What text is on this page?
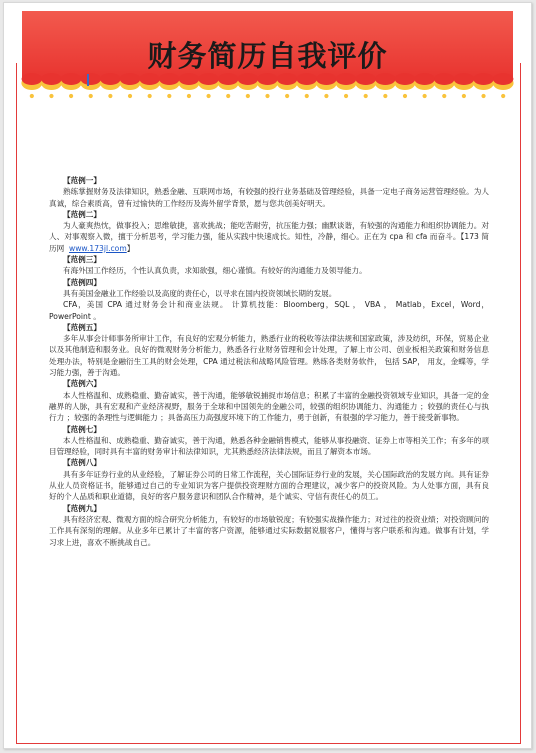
财务简历自我评价

【范例一】

熟练掌握财务及法律知识，熟悉金融、互联网市场，有较强的投行业务基础及管理经验，具备一定电子商务运营管理经验。为人真诚，综合素质高，曾有过愉快的工作经历及海外留学背景，愿与您共创美好明天。

【范例二】

为人豪爽热忱，做事投入；思维敏捷，喜欢挑战；能吃苦耐劳，抗压能力强；幽默谈谐，有较强的沟通能力和组织协调能力。对人、对事观察入微，擅于分析思考，学习能力强，能从实践中快速成长。知性，冷静，细心。正在为 cpa 和 cfa 而奋斗。【173 简历网 www.173jl.com】

【范例三】

有海外国工作经历，个性认真负责，求知欲强，细心谨慎。有较好的沟通能力及领导能力。

【范例四】

具有美国金融业工作经验以及高度的责任心，以寻求在国内投资领域长期的发展。

CFA，美国 CPA 通过财务会计和商业法规。 计算机技能：Bloomberg，SQL ， VBA ， Matlab，Excel，Word， PowerPoint 。

【范例五】

多年从事会计师事务所审计工作，有良好的宏观分析能力，熟悉行业的税收等法律法规和国家政策，涉及纺织，环保，贸易企业以及其他制造和服务业。良好的微观财务分析能力，熟悉各行业财务管理和会计处理，了解上市公司、创业板相关政策和财务信息处理办法，特别是金融衍生工具的财会处理，CPA 通过税法和战略风险管理。熟练各类财务软件， 包括 SAP， 用友，金蝶等，学习能力强，善于沟通。

【范例六】

本人性格温和、成熟稳重、勤奋诚实，善于沟通，能够敏锐捕捉市场信息；积累了丰富的金融投资领域专业知识，具备一定的金融界的人脉，具有宏观和产业经济视野，服务于全球和中国领先的金融公司，较强的组织协调能力、沟通能力 ；较强的责任心与执行力 ；较强的条理性与逻辑能力 ；具备高压力高强度环境下的工作能力，勇于创新，有很强的学习能力，善于接受新事物。

【范例七】

本人性格温和、成熟稳重、勤奋诚实，善于沟通，熟悉各种金融销售模式，能够从事投融资、证券上市等相关工作；有多年的项目管理经验，同时具有丰富的财务审计和法律知识，尤其熟悉经济法律法规，而且了解资本市场。

【范例八】

具有多年证券行业的从业经验，了解证券公司的日常工作流程，关心国际证券行业的发展，关心国际政治的发展方向。具有证券从业人员资格证书，能够通过自己的专业知识为客户提供投资理财方面的合理建议，减少客户的投资风险。为人处事方面，具有良好的个人品质和职业道德，良好的客户服务意识和团队合作精神，是个诚实、守信有责任心的员工。

【范例九】

具有经济宏观、微观方面的综合研究分析能力，有较好的市场敏锐度；有较强实战操作能力；对过往的投资业绩；对投资顾问的工作具有深刻的理解。从业多年已累计了丰富的客户资源，能够通过实际数据说服客户，懂得与客户联系和沟通。做事有计划，学习求上进，喜欢不断挑战自己。
